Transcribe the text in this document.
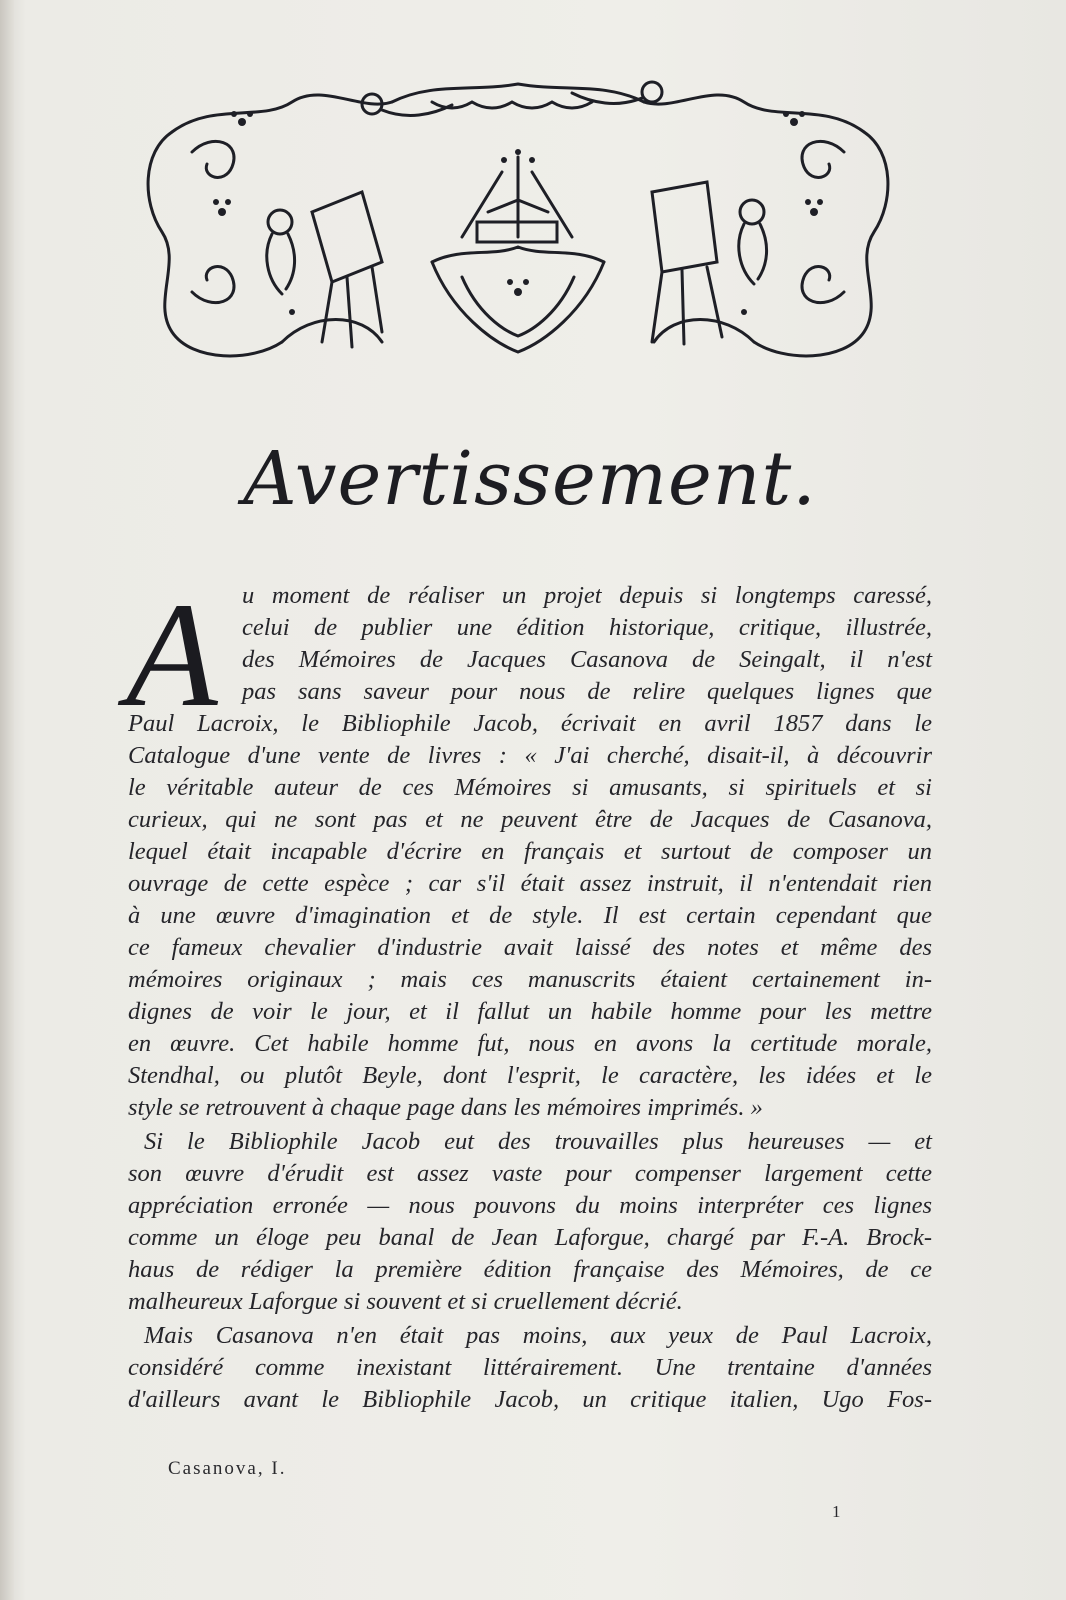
Avertissement.
A u moment de réaliser un projet depuis si longtemps caressé,
celui de publier une édition historique, critique, illustrée,
des Mémoires de Jacques Casanova de Seingalt, il n'est
pas sans saveur pour nous de relire quelques lignes que
Paul Lacroix, le Bibliophile Jacob, écrivait en avril 1857 dans le
Catalogue d'une vente de livres : « J'ai cherché, disait-il, à découvrir
le véritable auteur de ces Mémoires si amusants, si spirituels et si
curieux, qui ne sont pas et ne peuvent être de Jacques de Casanova,
lequel était incapable d'écrire en français et surtout de composer un
ouvrage de cette espèce ; car s'il était assez instruit, il n'entendait rien
à une œuvre d'imagination et de style. Il est certain cependant que
ce fameux chevalier d'industrie avait laissé des notes et même des
mémoires originaux ; mais ces manuscrits étaient certainement in-
dignes de voir le jour, et il fallut un habile homme pour les mettre
en œuvre. Cet habile homme fut, nous en avons la certitude morale,
Stendhal, ou plutôt Beyle, dont l'esprit, le caractère, les idées et le
style se retrouvent à chaque page dans les mémoires imprimés. »
Si le Bibliophile Jacob eut des trouvailles plus heureuses — et
son œuvre d'érudit est assez vaste pour compenser largement cette
appréciation erronée — nous pouvons du moins interpréter ces lignes
comme un éloge peu banal de Jean Laforgue, chargé par F.-A. Brock-
haus de rédiger la première édition française des Mémoires, de ce
malheureux Laforgue si souvent et si cruellement décrié.
Mais Casanova n'en était pas moins, aux yeux de Paul Lacroix,
considéré comme inexistant littérairement. Une trentaine d'années
d'ailleurs avant le Bibliophile Jacob, un critique italien, Ugo Fos-
Casanova, I.
1
